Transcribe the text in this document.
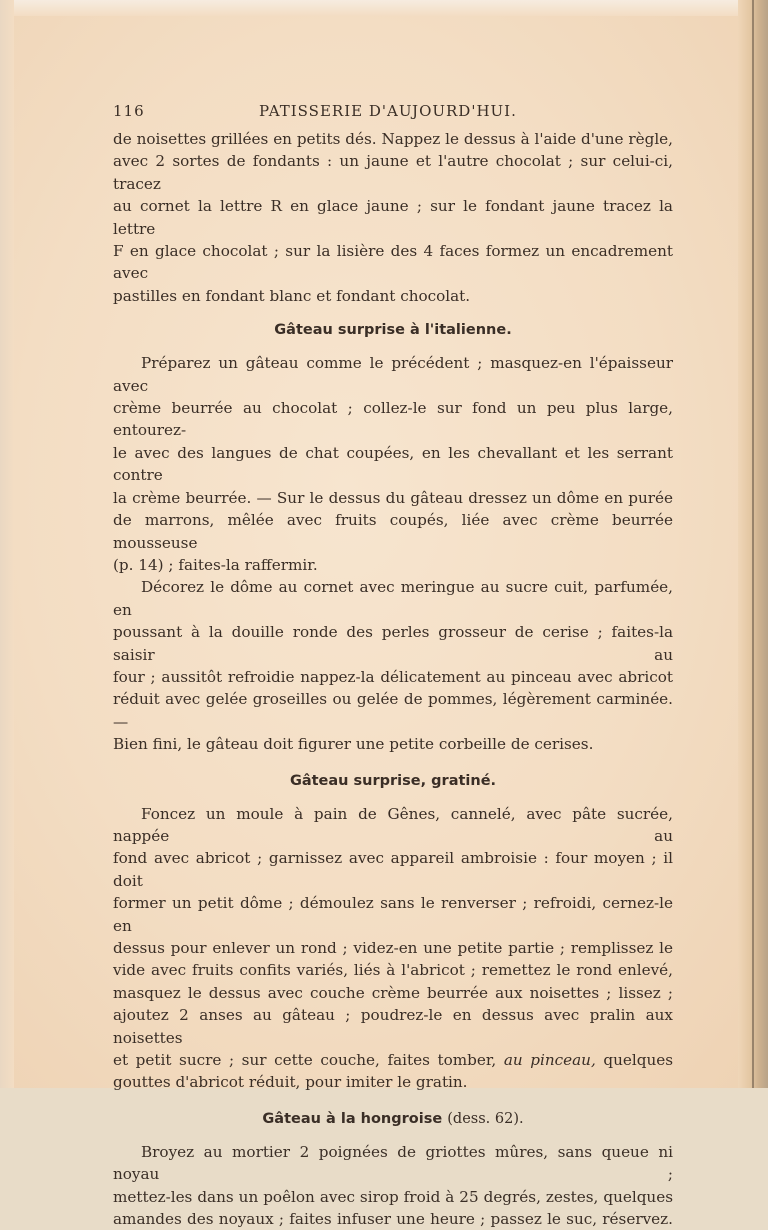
116	PATISSERIE D'AUJOURD'HUI.

de noisettes grillées en petits dés. Nappez le dessus à l'aide d'une règle,
avec 2 sortes de fondants : un jaune et l'autre chocolat ; sur celui-ci, tracez
au cornet la lettre R en glace jaune ; sur le fondant jaune tracez la lettre
F en glace chocolat ; sur la lisière des 4 faces formez un encadrement avec
pastilles en fondant blanc et fondant chocolat.

Gâteau surprise à l'italienne.

Préparez un gâteau comme le précédent ; masquez-en l'épaisseur avec
crème beurrée au chocolat ; collez-le sur fond un peu plus large, entourez-
le avec des langues de chat coupées, en les chevallant et les serrant contre
la crème beurrée. — Sur le dessus du gâteau dressez un dôme en purée
de marrons, mêlée avec fruits coupés, liée avec crème beurrée mousseuse
(p. 14) ; faites-la raffermir.

Décorez le dôme au cornet avec meringue au sucre cuit, parfumée, en
poussant à la douille ronde des perles grosseur de cerise ; faites-la saisir au
four ; aussitôt refroidie nappez-la délicatement au pinceau avec abricot
réduit avec gelée groseilles ou gelée de pommes, légèrement carminée. —
Bien fini, le gâteau doit figurer une petite corbeille de cerises.

Gâteau surprise, gratiné.

Foncez un moule à pain de Gênes, cannelé, avec pâte sucrée, nappée au
fond avec abricot ; garnissez avec appareil ambroisie : four moyen ; il doit
former un petit dôme ; démoulez sans le renverser ; refroidi, cernez-le en
dessus pour enlever un rond ; videz-en une petite partie ; remplissez le
vide avec fruits confits variés, liés à l'abricot ; remettez le rond enlevé,
masquez le dessus avec couche crème beurrée aux noisettes ; lissez ;
ajoutez 2 anses au gâteau ; poudrez-le en dessus avec pralin aux noisettes
et petit sucre ; sur cette couche, faites tomber, au pinceau, quelques
gouttes d'abricot réduit, pour imiter le gratin.

Gâteau à la hongroise (dess. 62).

Broyez au mortier 2 poignées de griottes mûres, sans queue ni noyau ;
mettez-les dans un poêlon avec sirop froid à 25 degrés, zestes, quelques
amandes des noyaux ; faites infuser une heure ; passez le suc, réservez.
